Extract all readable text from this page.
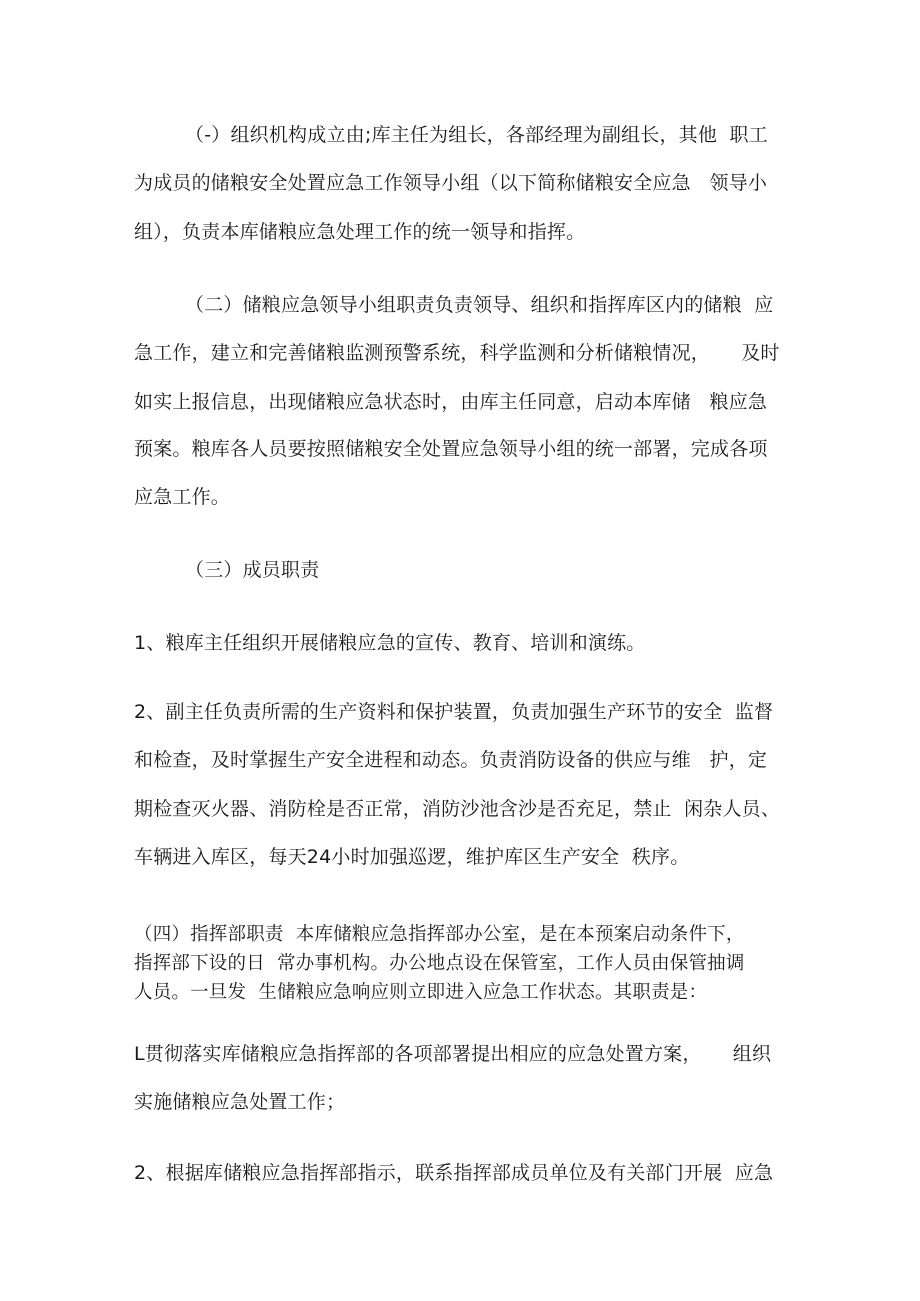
（-）组织机构成立由;库主任为组长，各部经理为副组长，其他  职工
为成员的储粮安全处置应急工作领导小组（以下简称储粮安全应急   领导小
组），负责本库储粮应急处理工作的统一领导和指挥。
（二）储粮应急领导小组职责负责领导、组织和指挥库区内的储粮  应
急工作，建立和完善储粮监测预警系统，科学监测和分析储粮情况，     及时
如实上报信息，出现储粮应急状态时，由库主任同意，启动本库储   粮应急
预案。粮库各人员要按照储粮安全处置应急领导小组的统一部署，完成各项
应急工作。
（三）成员职责
1、粮库主任组织开展储粮应急的宣传、教育、培训和演练。
2、副主任负责所需的生产资料和保护装置，负责加强生产环节的安全  监督
和检查，及时掌握生产安全进程和动态。负责消防设备的供应与维   护，定
期检查灭火器、消防栓是否正常，消防沙池含沙是否充足，禁止  闲杂人员、
车辆进入库区，每天24小时加强巡逻，维护库区生产安全  秩序。
（四）指挥部职责  本库储粮应急指挥部办公室，是在本预案启动条件下，
指挥部下设的日  常办事机构。办公地点设在保管室，工作人员由保管抽调
人员。一旦发  生储粮应急响应则立即进入应急工作状态。其职责是：
L贯彻落实库储粮应急指挥部的各项部署提出相应的应急处置方案，     组织
实施储粮应急处置工作；
2、根据库储粮应急指挥部指示，联系指挥部成员单位及有关部门开展  应急
